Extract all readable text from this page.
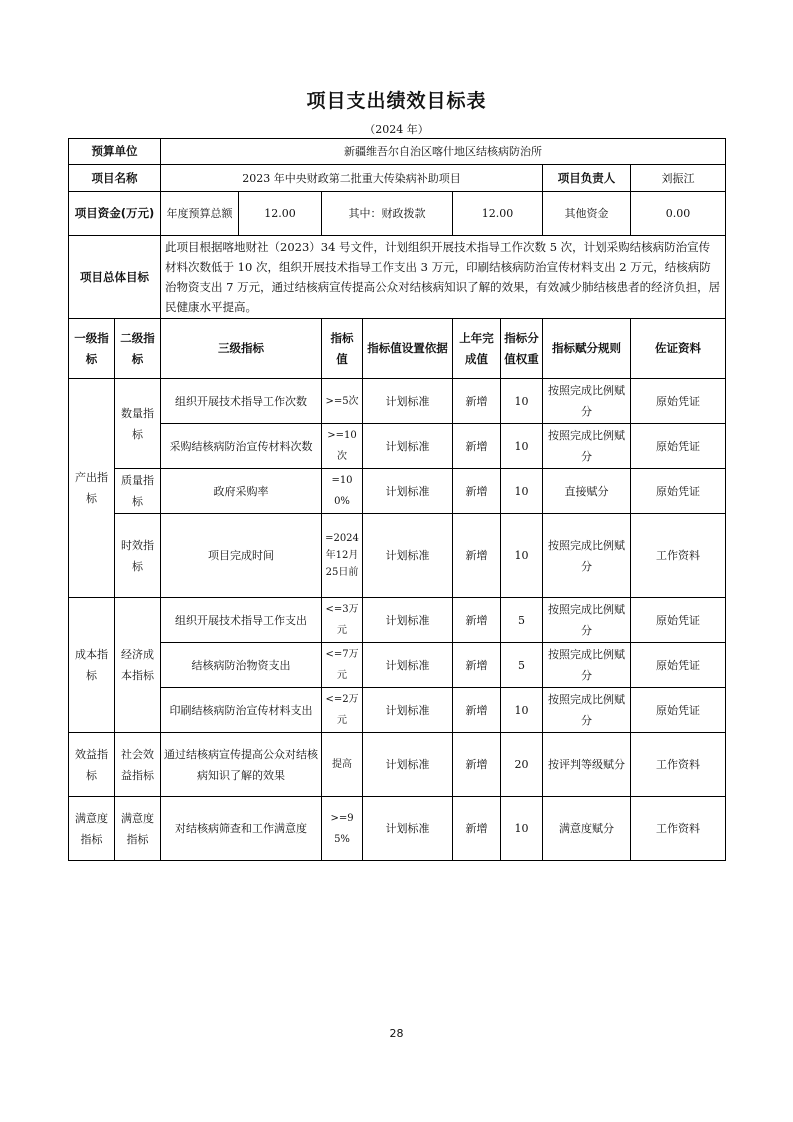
项目支出绩效目标表
（2024 年）
预算单位		新疆维吾尔自治区喀什地区结核病防治所							
项目名称		2023 年中央财政第二批重大传染病补助项目						项目负责人	刘振江
项目资金(万元)		年度预算总额	12.00	其中：财政拨款		12.00		其他资金	0.00
项目总体目标		此项目根据喀地财社（2023）34 号文件，计划组织开展技术指导工作次数 5 次，计划采购结核病防治宣传材料次数低于 10 次，组织开展技术指导工作支出 3 万元，印刷结核病防治宣传材料支出 2 万元，结核病防治物资支出 7 万元，通过结核病宣传提高公众对结核病知识了解的效果，有效减少肺结核患者的经济负担，居民健康水平提高。							
一级指标	二级指标	三级指标		指标值	指标值设置依据	上年完成值	指标分值权重	指标赋分规则	佐证资料
产出指标	数量指标	组织开展技术指导工作次数		>=5次	计划标准	新增	10	按照完成比例赋分	原始凭证
		采购结核病防治宣传材料次数		>=10次	计划标准	新增	10	按照完成比例赋分	原始凭证
	质量指标	政府采购率		=100%	计划标准	新增	10	直接赋分	原始凭证
	时效指标	项目完成时间		=2024年12月25日前	计划标准	新增	10	按照完成比例赋分	工作资料
成本指标	经济成本指标	组织开展技术指导工作支出		<=3万元	计划标准	新增	5	按照完成比例赋分	原始凭证
		结核病防治物资支出		<=7万元	计划标准	新增	5	按照完成比例赋分	原始凭证
		印刷结核病防治宣传材料支出		<=2万元	计划标准	新增	10	按照完成比例赋分	原始凭证
效益指标	社会效益指标	通过结核病宣传提高公众对结核病知识了解的效果		提高	计划标准	新增	20	按评判等级赋分	工作资料
满意度指标	满意度指标	对结核病筛查和工作满意度		>=95%	计划标准	新增	10	满意度赋分	工作资料
28
